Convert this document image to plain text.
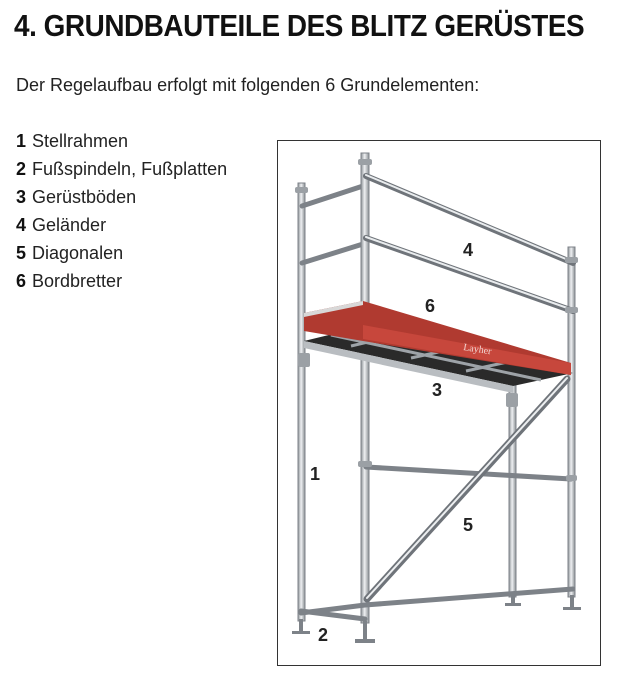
4. GRUNDBAUTEILE DES BLITZ GERÜSTES
Der Regelaufbau erfolgt mit folgenden 6 Grundelementen:
1 Stellrahmen
2 Fußspindeln, Fußplatten
3 Gerüstböden
4 Geländer
5 Diagonalen
6 Bordbretter
Layher
1
2
3
4
5
6
